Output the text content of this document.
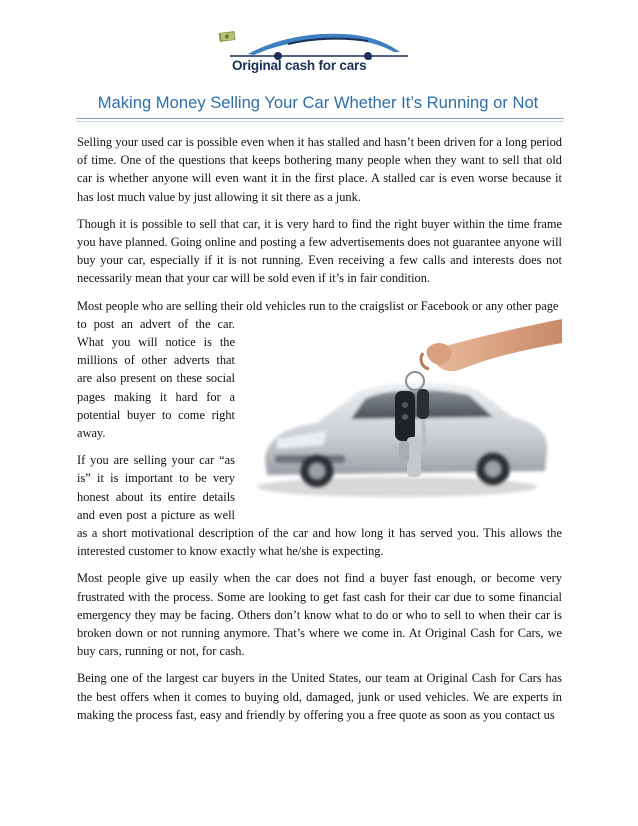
Original cash for cars™
Making Money Selling Your Car Whether It’s Running or Not

Selling your used car is possible even when it has stalled and hasn’t been driven for a long period of time. One of the questions that keeps bothering many people when they want to sell that old car is whether anyone will even want it in the first place. A stalled car is even worse because it has lost much value by just allowing it sit there as a junk.

Though it is possible to sell that car, it is very hard to find the right buyer within the time frame you have planned. Going online and posting a few advertisements does not guarantee anyone will buy your car, especially if it is not running. Even receiving a few calls and interests does not necessarily mean that your car will be sold even if it’s in fair condition.

Most people who are selling their old vehicles run to the craigslist or Facebook or any other page

to post an advert of the car. What you will notice is the millions of other adverts that are also present on these social pages making it hard for a potential buyer to come right away.

If you are selling your car “as is” it is important to be very honest about its entire details and even post a picture as well as a short motivational description of the car and how long it has served you. This allows the interested customer to know exactly what he/she is expecting.

Most people give up easily when the car does not find a buyer fast enough, or become very frustrated with the process. Some are looking to get fast cash for their car due to some financial emergency they may be facing. Others don’t know what to do or who to sell to when their car is broken down or not running anymore. That’s where we come in. At Original Cash for Cars, we buy cars, running or not, for cash.

Being one of the largest car buyers in the United States, our team at Original Cash for Cars has the best offers when it comes to buying old, damaged, junk or used vehicles. We are experts in making the process fast, easy and friendly by offering you a free quote as soon as you contact us
